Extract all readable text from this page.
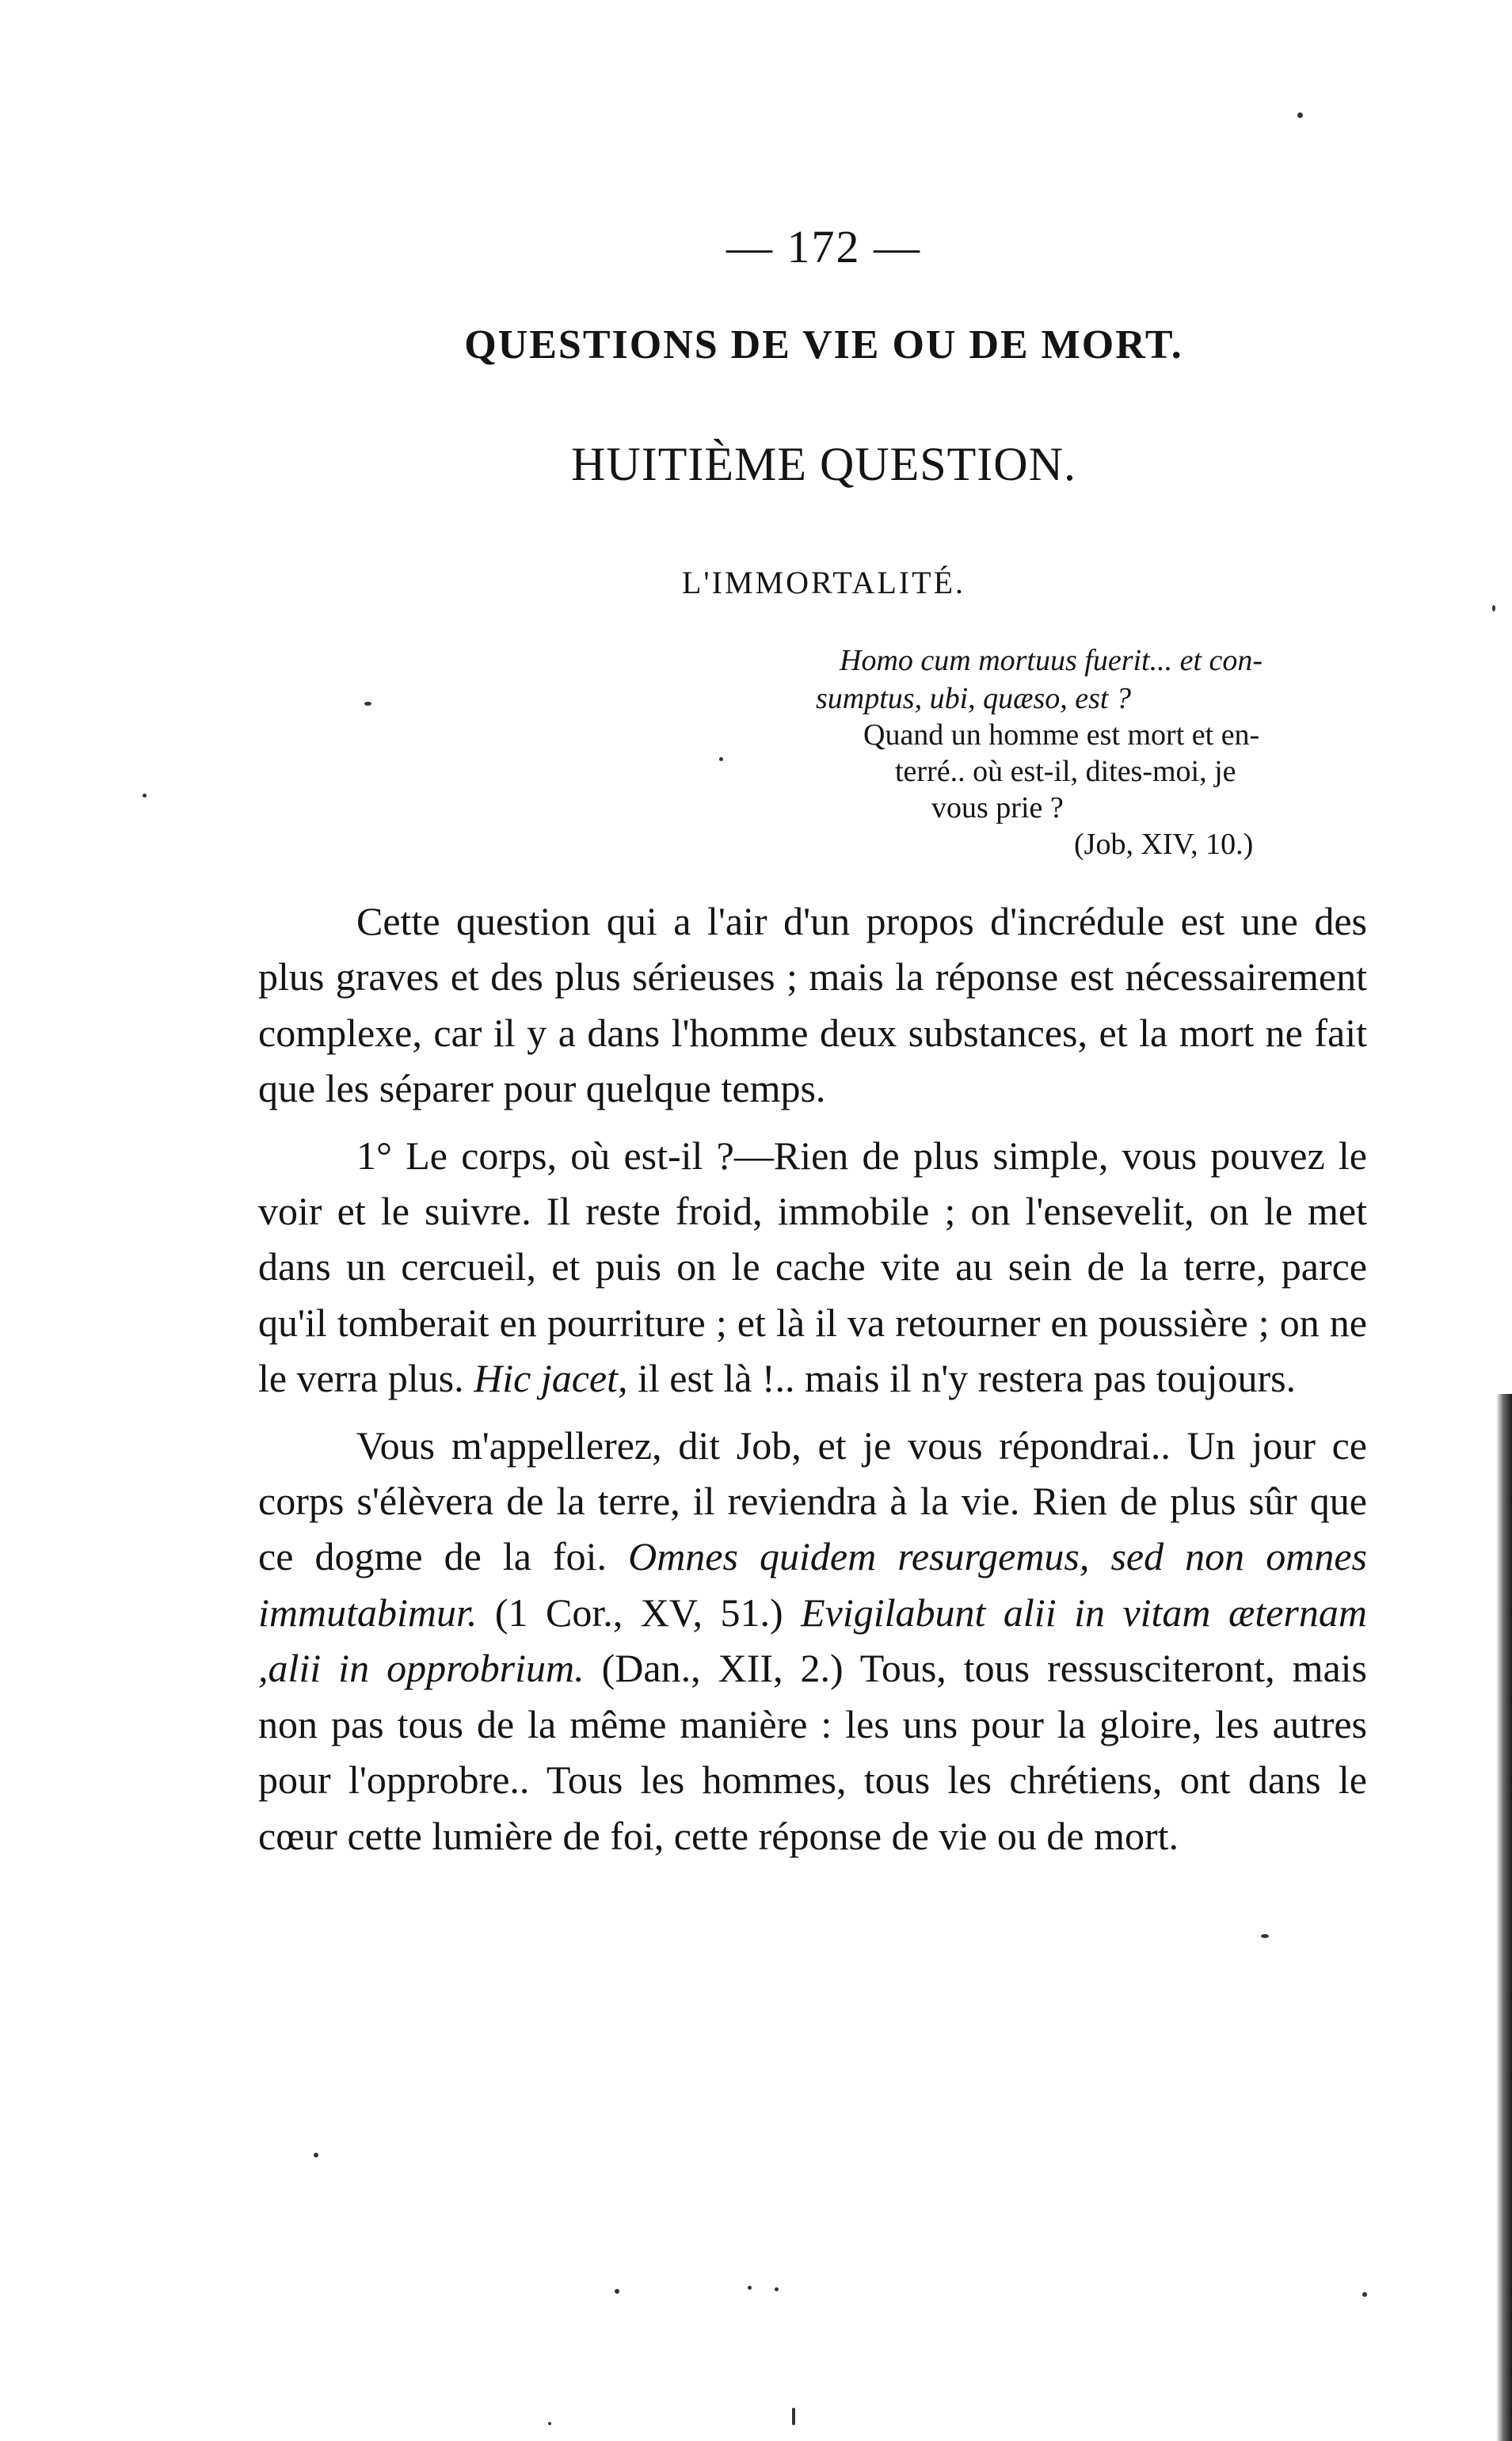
— 172 —
QUESTIONS DE VIE OU DE MORT.
HUITIÈME QUESTION.
L'IMMORTALITÉ.
Homo cum mortuus fuerit... et con-
sumptus, ubi, quæso, est ?
Quand un homme est mort et en-
terré.. où est-il, dites-moi, je
vous prie ?
(Job, XIV, 10.)

Cette question qui a l'air d'un propos d'incrédule est une des plus graves et des plus sérieuses ; mais la réponse est nécessairement complexe, car il y a dans l'homme deux substances, et la mort ne fait que les séparer pour quelque temps.

1° Le corps, où est-il ?—Rien de plus simple, vous pouvez le voir et le suivre. Il reste froid, immobile ; on l'ensevelit, on le met dans un cercueil, et puis on le cache vite au sein de la terre, parce qu'il tomberait en pourriture ; et là il va retourner en poussière ; on ne le verra plus. Hic jacet, il est là !.. mais il n'y restera pas toujours.

Vous m'appellerez, dit Job, et je vous répondrai.. Un jour ce corps s'élèvera de la terre, il reviendra à la vie. Rien de plus sûr que ce dogme de la foi. Omnes quidem resurgemus, sed non omnes immutabimur. (1 Cor., XV, 51.) Evigilabunt alii in vitam æternam ,alii in opprobrium. (Dan., XII, 2.) Tous, tous ressusciteront, mais non pas tous de la même manière : les uns pour la gloire, les autres pour l'opprobre.. Tous les hommes, tous les chrétiens, ont dans le cœur cette lumière de foi, cette réponse de vie ou de mort.
